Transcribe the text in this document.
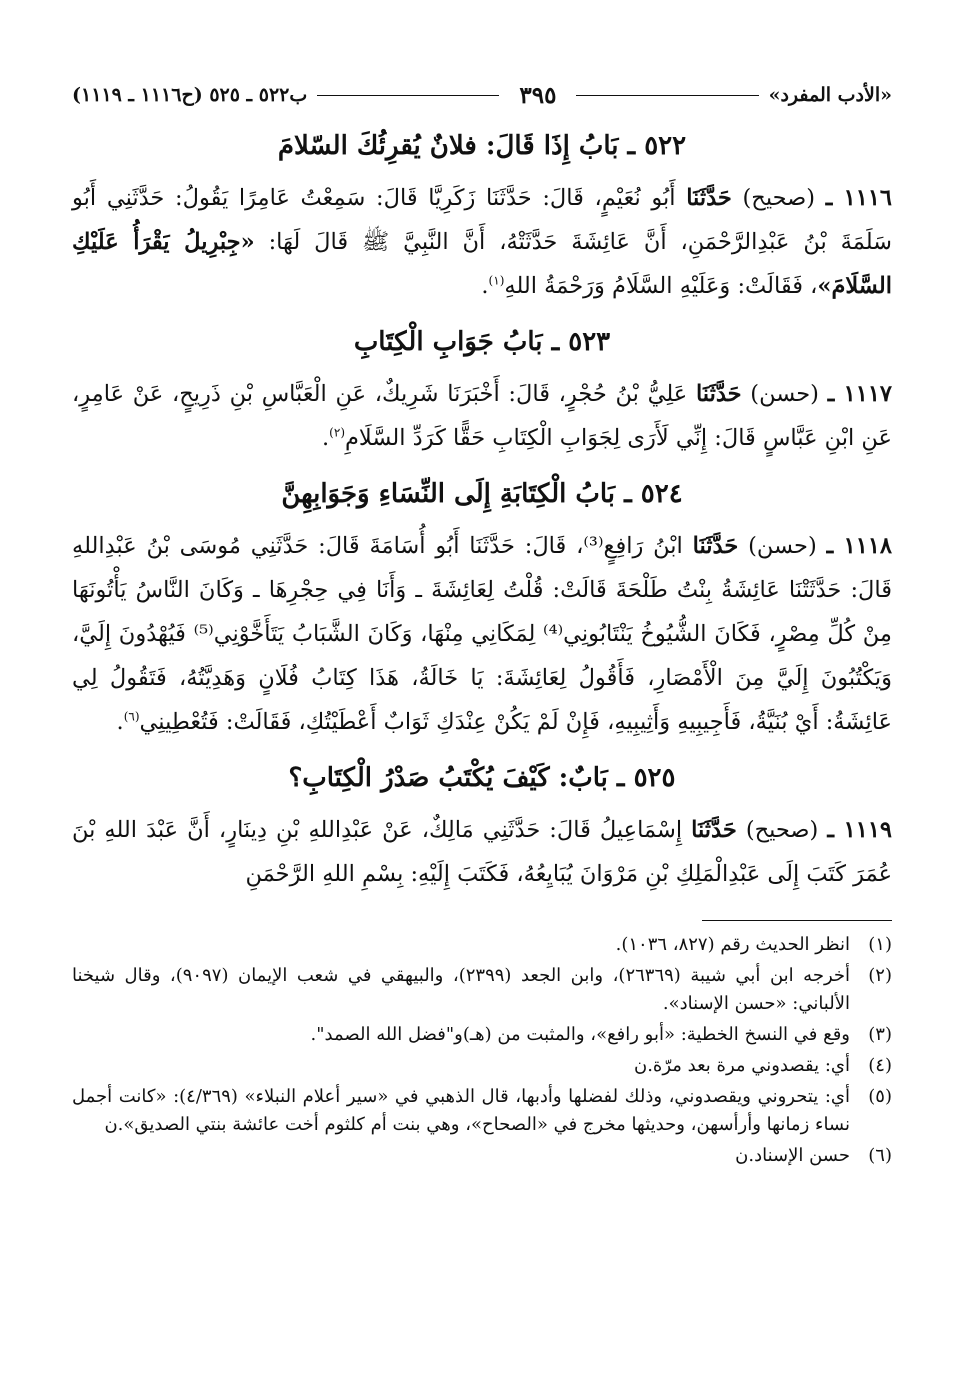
«الأدب المفرد»
٣٩٥
ب٥٢٢ ـ ٥٢٥ (ح١١١٦ ـ ١١١٩)
٥٢٢ ـ بَابُ إِذَا قَالَ: فلانٌ يُقرِئُكَ السّلامَ

١١١٦ ـ (صحيح) حَدَّثَنَا أَبُو نُعَيْمٍ، قَالَ: حَدَّثَنَا زَكَرِيَّا قَالَ: سَمِعْتُ عَامِرًا يَقُولُ: حَدَّثَنِي أَبُو سَلَمَةَ بْنُ عَبْدِالرَّحْمَنِ، أَنَّ عَائِشَةَ حَدَّثَتْهُ، أَنَّ النَّبِيَّ ﷺ قَالَ لَهَا: «جِبْرِيلُ يَقْرَأُ عَلَيْكِ السَّلَامَ»، فَقَالَتْ: وَعَلَيْهِ السَّلَامُ وَرَحْمَةُ اللهِ$^{(١)}$.

٥٢٣ ـ بَابُ جَوَابِ الْكِتَابِ

١١١٧ ـ (حسن) حَدَّثَنَا عَلِيُّ بْنُ حُجْرٍ، قَالَ: أَخْبَرَنَا شَرِيكٌ، عَنِ الْعَبَّاسِ بْنِ ذَرِيحٍ، عَنْ عَامِرٍ، عَنِ ابْنِ عَبَّاسٍ قَالَ: إِنِّي لَأَرَى لِجَوَابِ الْكِتَابِ حَقًّا كَرَدِّ السَّلَامِ$^{(٢)}$.

٥٢٤ ـ بَابُ الْكِتَابَةِ إِلَى النِّسَاءِ وَجَوَابِهِنَّ

١١١٨ ـ (حسن) حَدَّثَنَا ابْنُ رَافِعٍ⁽³⁾، قَالَ: حَدَّثَنَا أَبُو أُسَامَةَ قَالَ: حَدَّثَنِي مُوسَى بْنُ عَبْدِاللهِ قَالَ: حَدَّثَتْنَا عَائِشَةُ بِنْتُ طَلْحَةَ قَالَتْ: قُلْتُ لِعَائِشَةَ ـ وَأَنَا فِي حِجْرِهَا ـ وَكَانَ النَّاسُ يَأْتُونَهَا مِنْ كُلِّ مِصْرٍ، فَكَانَ الشُّيُوخُ يَنْتَابُونِي⁽⁴⁾ لِمَكَانِي مِنْهَا، وَكَانَ الشَّبَابُ يَتَأَخَّوْنِي⁽⁵⁾ فَيُهْدُونَ إِلَيَّ، وَيَكْتُبُونَ إِلَيَّ مِنَ الْأَمْصَارِ، فَأَقُولُ لِعَائِشَةَ: يَا خَالَةُ، هَذَا كِتَابُ فُلَانٍ وَهَدِيَّتُهُ، فَتَقُولُ لِي عَائِشَةُ: أَيْ بُنَيَّةُ، فَأَجِيبِيهِ وَأَثِيبِيهِ، فَإِنْ لَمْ يَكُنْ عِنْدَكِ ثَوَابٌ أَعْطَيْتُكِ، فَقَالَتْ: فَتُعْطِينِي$^{(٦)}$.

٥٢٥ ـ بَابٌ: كَيْفَ يُكْتَبُ صَدْرُ الْكِتَابِ؟

١١١٩ ـ (صحيح) حَدَّثَنَا إِسْمَاعِيلُ قَالَ: حَدَّثَنِي مَالِكٌ، عَنْ عَبْدِاللهِ بْنِ دِينَارٍ، أَنَّ عَبْدَ اللهِ بْنَ عُمَرَ كَتَبَ إِلَى عَبْدِالْمَلِكِ بْنِ مَرْوَانَ يُبَايِعُهُ، فَكَتَبَ إِلَيْهِ: بِسْمِ اللهِ الرَّحْمَنِ

(١)
انظر الحديث رقم (٨٢٧، ١٠٣٦).
(٢)
أخرجه ابن أبي شيبة (٢٦٣٦٩)، وابن الجعد (٢٣٩٩)، والبيهقي في شعب الإيمان (٩٠٩٧)، وقال شيخنا الألباني: «حسن الإسناد».
(٣)
وقع في النسخ الخطية: «أبو رافع»، والمثبت من (هـ)و"فضل الله الصمد".
(٤)
أي: يقصدوني مرة بعد مرّة.ن
(٥)
أي: يتحروني ويقصدوني، وذلك لفضلها وأدبها، قال الذهبي في «سير أعلام النبلاء» (٤/٣٦٩): «كانت أجمل نساء زمانها وأرأسهن، وحديثها مخرج في «الصحاح»، وهي بنت أم كلثوم أخت عائشة بنتي الصديق».ن
(٦)
حسن الإسناد.ن
